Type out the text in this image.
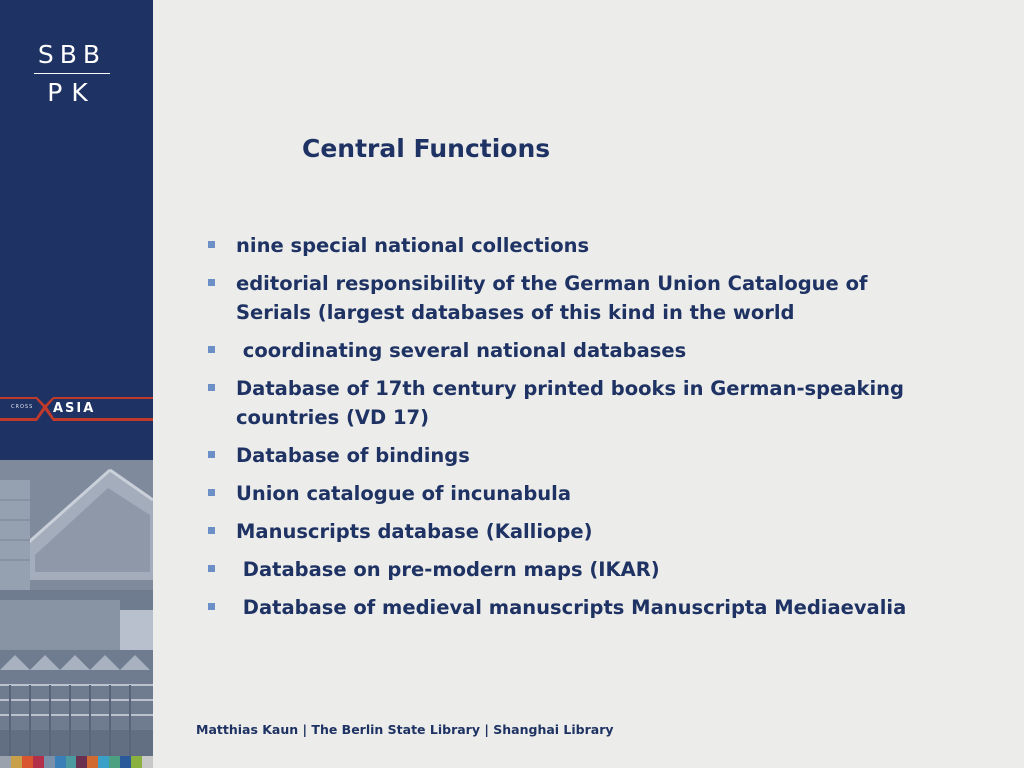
SBB
PK
CROSS ASIA
Central Functions
nine special national collections
editorial responsibility of the German Union Catalogue of Serials (largest databases of this kind in the world
coordinating several national databases
Database of 17th century printed books in German-speaking countries (VD 17)
Database of bindings
Union catalogue of incunabula
Manuscripts database (Kalliope)
Database on pre-modern maps (IKAR)
Database of medieval manuscripts Manuscripta Mediaevalia
Matthias Kaun | The Berlin State Library | Shanghai Library
